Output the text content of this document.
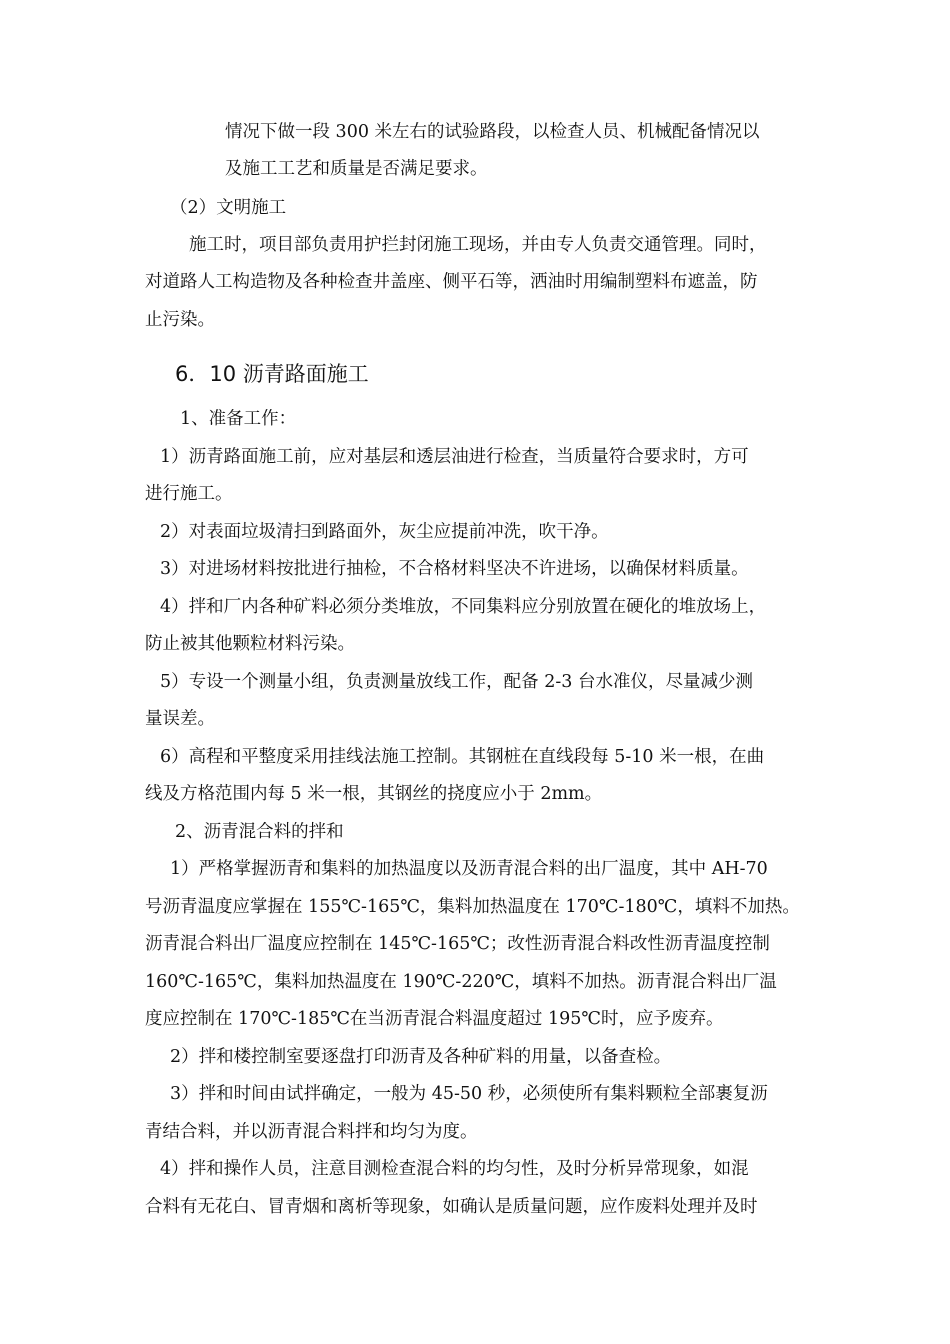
情况下做一段 300 米左右的试验路段，以检查人员、机械配备情况以

及施工工艺和质量是否满足要求。

（2）文明施工

施工时，项目部负责用护拦封闭施工现场，并由专人负责交通管理。同时，

对道路人工构造物及各种检查井盖座、侧平石等，洒油时用编制塑料布遮盖，防

止污染。

6．10 沥青路面施工

1、准备工作：

1）沥青路面施工前，应对基层和透层油进行检查，当质量符合要求时，方可

进行施工。

2）对表面垃圾清扫到路面外，灰尘应提前冲洗，吹干净。

3）对进场材料按批进行抽检，不合格材料坚决不许进场，以确保材料质量。

4）拌和厂内各种矿料必须分类堆放，不同集料应分别放置在硬化的堆放场上，

防止被其他颗粒材料污染。

5）专设一个测量小组，负责测量放线工作，配备 2-3 台水准仪，尽量减少测

量误差。

6）高程和平整度采用挂线法施工控制。其钢桩在直线段每 5-10 米一根，在曲

线及方格范围内每 5 米一根，其钢丝的挠度应小于 2mm。

2、沥青混合料的拌和

1）严格掌握沥青和集料的加热温度以及沥青混合料的出厂温度，其中 AH-70

号沥青温度应掌握在 155℃-165℃，集料加热温度在 170℃-180℃，填料不加热。

沥青混合料出厂温度应控制在 145℃-165℃；改性沥青混合料改性沥青温度控制

160℃-165℃，集料加热温度在 190℃-220℃，填料不加热。沥青混合料出厂温

度应控制在 170℃-185℃在当沥青混合料温度超过 195℃时，应予废弃。

2）拌和楼控制室要逐盘打印沥青及各种矿料的用量，以备查检。

3）拌和时间由试拌确定，一般为 45-50 秒，必须使所有集料颗粒全部裹复沥

青结合料，并以沥青混合料拌和均匀为度。

4）拌和操作人员，注意目测检查混合料的均匀性，及时分析异常现象，如混

合料有无花白、冒青烟和离析等现象，如确认是质量问题，应作废料处理并及时
